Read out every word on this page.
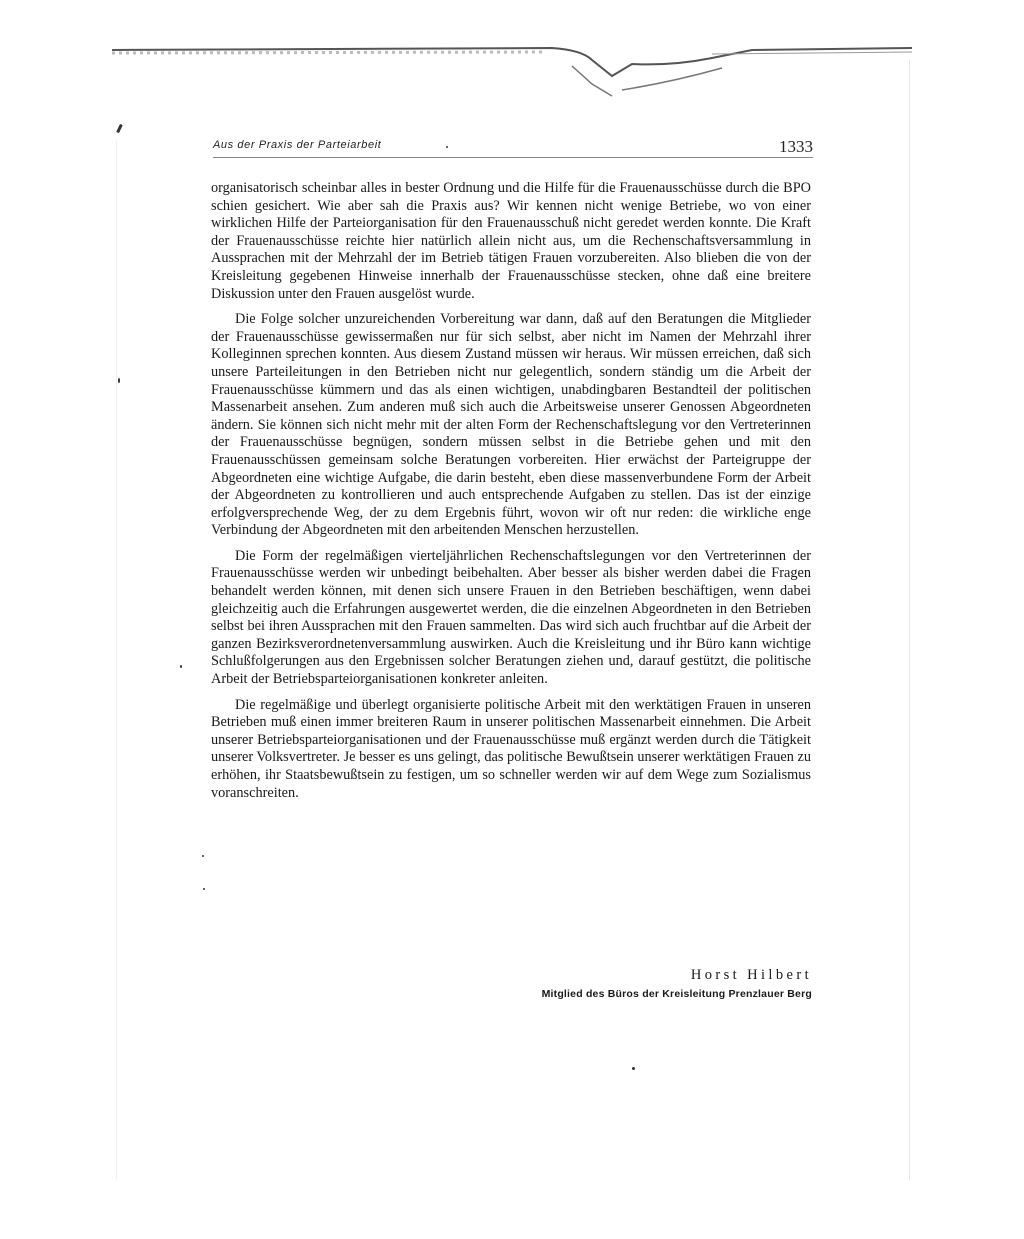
Aus der Praxis der Parteiarbeit	1333

organisatorisch scheinbar alles in bester Ordnung und die Hilfe für die Frauenausschüsse durch die BPO schien gesichert. Wie aber sah die Praxis aus? Wir kennen nicht wenige Betriebe, wo von einer wirklichen Hilfe der Parteiorganisation für den Frauenausschuß nicht geredet werden konnte. Die Kraft der Frauenausschüsse reichte hier natürlich allein nicht aus, um die Rechenschaftsversammlung in Aussprachen mit der Mehrzahl der im Betrieb tätigen Frauen vorzubereiten. Also blieben die von der Kreisleitung gegebenen Hinweise innerhalb der Frauenausschüsse stecken, ohne daß eine breitere Diskussion unter den Frauen ausgelöst wurde.

Die Folge solcher unzureichenden Vorbereitung war dann, daß auf den Beratungen die Mitglieder der Frauenausschüsse gewissermaßen nur für sich selbst, aber nicht im Namen der Mehrzahl ihrer Kolleginnen sprechen konnten. Aus diesem Zustand müssen wir heraus. Wir müssen erreichen, daß sich unsere Parteileitungen in den Betrieben nicht nur gelegentlich, sondern ständig um die Arbeit der Frauenausschüsse kümmern und das als einen wichtigen, unabdingbaren Bestandteil der politischen Massenarbeit ansehen. Zum anderen muß sich auch die Arbeitsweise unserer Genossen Abgeordneten ändern. Sie können sich nicht mehr mit der alten Form der Rechenschaftslegung vor den Vertreterinnen der Frauenausschüsse begnügen, sondern müssen selbst in die Betriebe gehen und mit den Frauenausschüssen gemeinsam solche Beratungen vorbereiten. Hier erwächst der Parteigruppe der Abgeordneten eine wichtige Aufgabe, die darin besteht, eben diese massenverbundene Form der Arbeit der Abgeordneten zu kontrollieren und auch entsprechende Aufgaben zu stellen. Das ist der einzige erfolgversprechende Weg, der zu dem Ergebnis führt, wovon wir oft nur reden: die wirkliche enge Verbindung der Abgeordneten mit den arbeitenden Menschen herzustellen.

Die Form der regelmäßigen vierteljährlichen Rechenschaftslegungen vor den Vertreterinnen der Frauenausschüsse werden wir unbedingt beibehalten. Aber besser als bisher werden dabei die Fragen behandelt werden können, mit denen sich unsere Frauen in den Betrieben beschäftigen, wenn dabei gleichzeitig auch die Erfahrungen ausgewertet werden, die die einzelnen Abgeordneten in den Betrieben selbst bei ihren Aussprachen mit den Frauen sammelten. Das wird sich auch fruchtbar auf die Arbeit der ganzen Bezirksverordnetenversammlung auswirken. Auch die Kreisleitung und ihr Büro kann wichtige Schlußfolgerungen aus den Ergebnissen solcher Beratungen ziehen und, darauf gestützt, die politische Arbeit der Betriebsparteiorganisationen konkreter anleiten.

Die regelmäßige und überlegt organisierte politische Arbeit mit den werktätigen Frauen in unseren Betrieben muß einen immer breiteren Raum in unserer politischen Massenarbeit einnehmen. Die Arbeit unserer Betriebsparteiorganisationen und der Frauenausschüsse muß ergänzt werden durch die Tätigkeit unserer Volksvertreter. Je besser es uns gelingt, das politische Bewußtsein unserer werktätigen Frauen zu erhöhen, ihr Staatsbewußtsein zu festigen, um so schneller werden wir auf dem Wege zum Sozialismus voranschreiten.

Horst Hilbert
Mitglied des Büros der Kreisleitung Prenzlauer Berg
